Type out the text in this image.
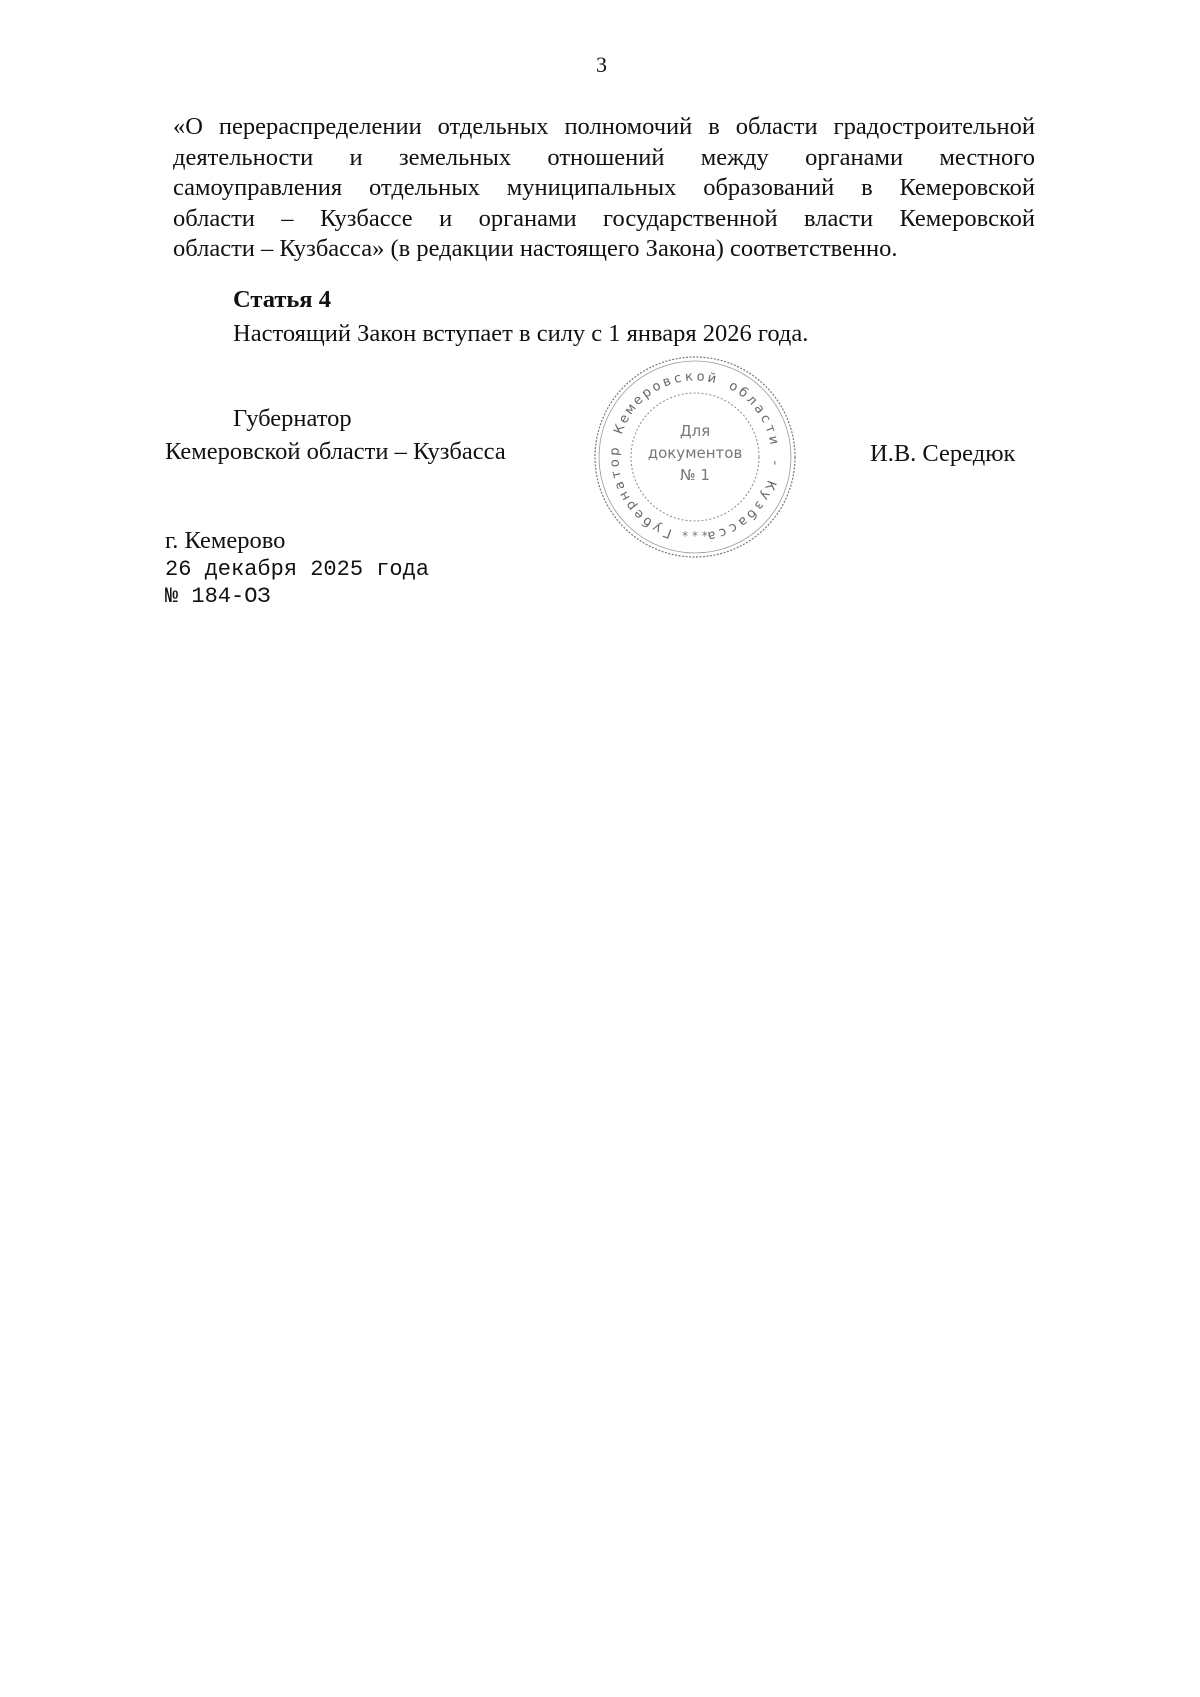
3
«О перераспределении отдельных полномочий в области градостроительной
деятельности и земельных отношений между органами местного
самоуправления отдельных муниципальных образований в Кемеровской
области – Кузбассе и органами государственной власти Кемеровской
области – Кузбасса» (в редакции настоящего Закона) соответственно.
Статья 4
Настоящий Закон вступает в силу с 1 января 2026 года.
Губернатор
Кемеровской области – Кузбасса	И.В. Середюк
Г
у
б
е
р
н
а
т
о
р
К
е
м
е
р
о
в с к о й о
б
л
а
с
т
и
-
К
у
з
б
а
с
с
а
Для
документов
№ 1
* * *
г. Кемерово
26 декабря 2025 года
№ 184-ОЗ
